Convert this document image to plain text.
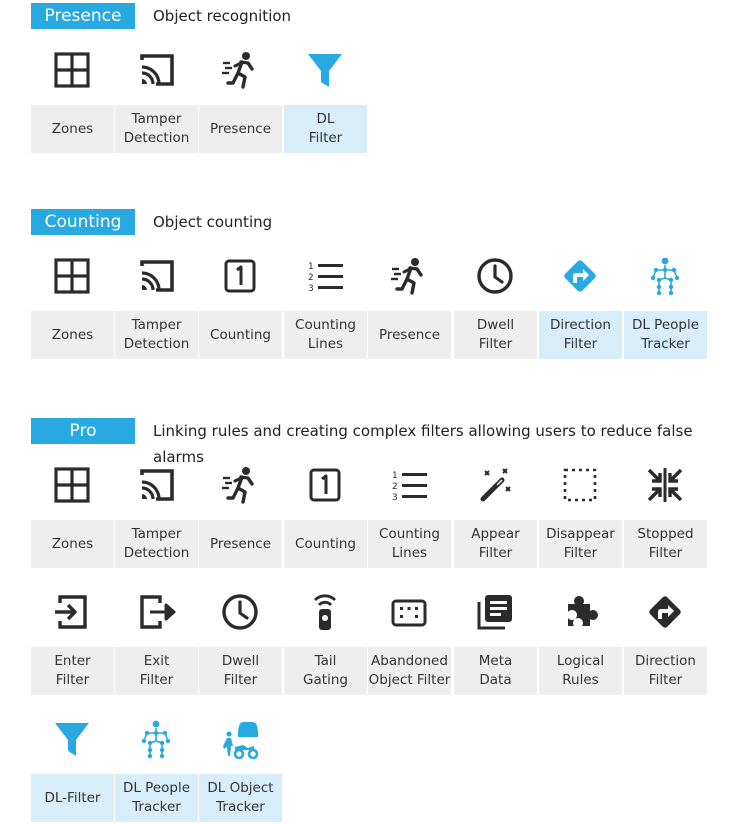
Presence	Object recognition
Zones
Tamper
Detection
Presence
DL
Filter
Counting	Object counting
Zones
Tamper
Detection
Counting
1
2
3
Counting
Lines
Presence
Dwell
Filter
Direction
Filter
DL People
Tracker
Pro	Linking rules and creating complex filters allowing users to reduce false alarms
Zones
Tamper
Detection
Presence	Counting
1
2
3
Counting
Lines
Appear
Filter
Disappear
Filter
Stopped
Filter
Enter
Filter
Exit
Filter
Dwell
Filter
Tail
Gating
Abandoned
Object Filter
Meta
Data
Logical
Rules
Direction
Filter
DL-Filter
DL People
Tracker
DL Object
Tracker
